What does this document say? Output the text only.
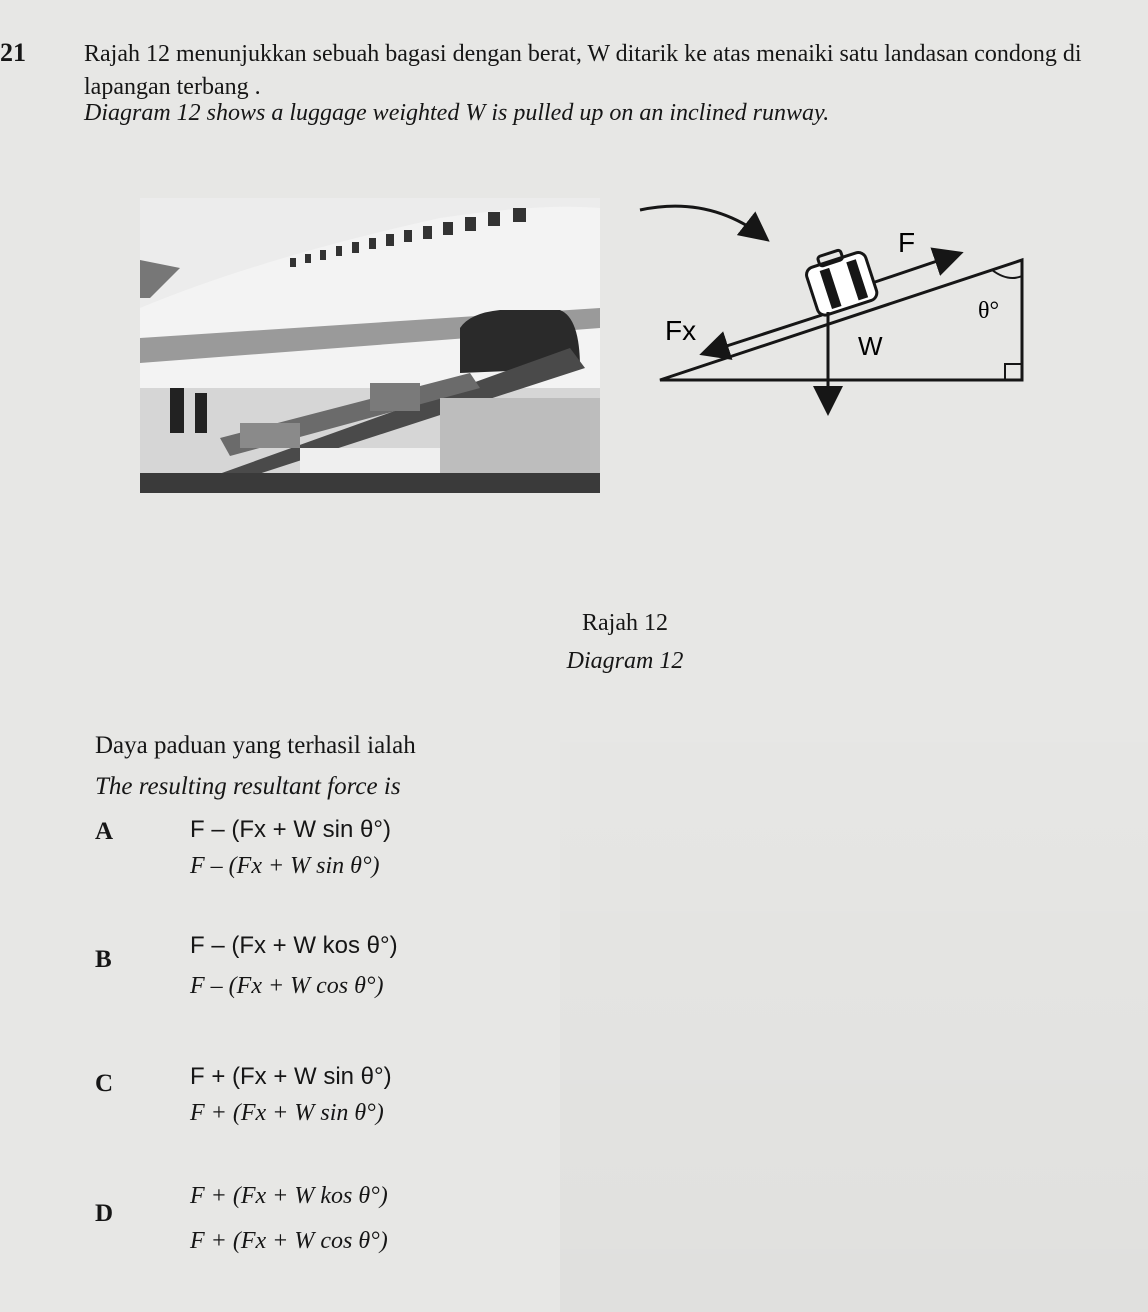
21 Rajah 12 menunjukkan sebuah bagasi dengan berat, W ditarik ke atas menaiki satu landasan condong di lapangan terbang .
Diagram 12 shows a luggage weighted W is pulled up on an inclined runway.
F
Fx	W
θ°
Rajah 12
Diagram 12
Daya paduan yang terhasil ialah
The resulting resultant force is
A	F – (Fx + W sin θ°)
F – (Fx + W sin θ°)
B
F – (Fx + W kos θ°)
F – (Fx + W cos θ°)
C	F + (Fx + W sin θ°)
F + (Fx + W sin θ°)
D
F + (Fx + W kos θ°)
F + (Fx + W cos θ°)
